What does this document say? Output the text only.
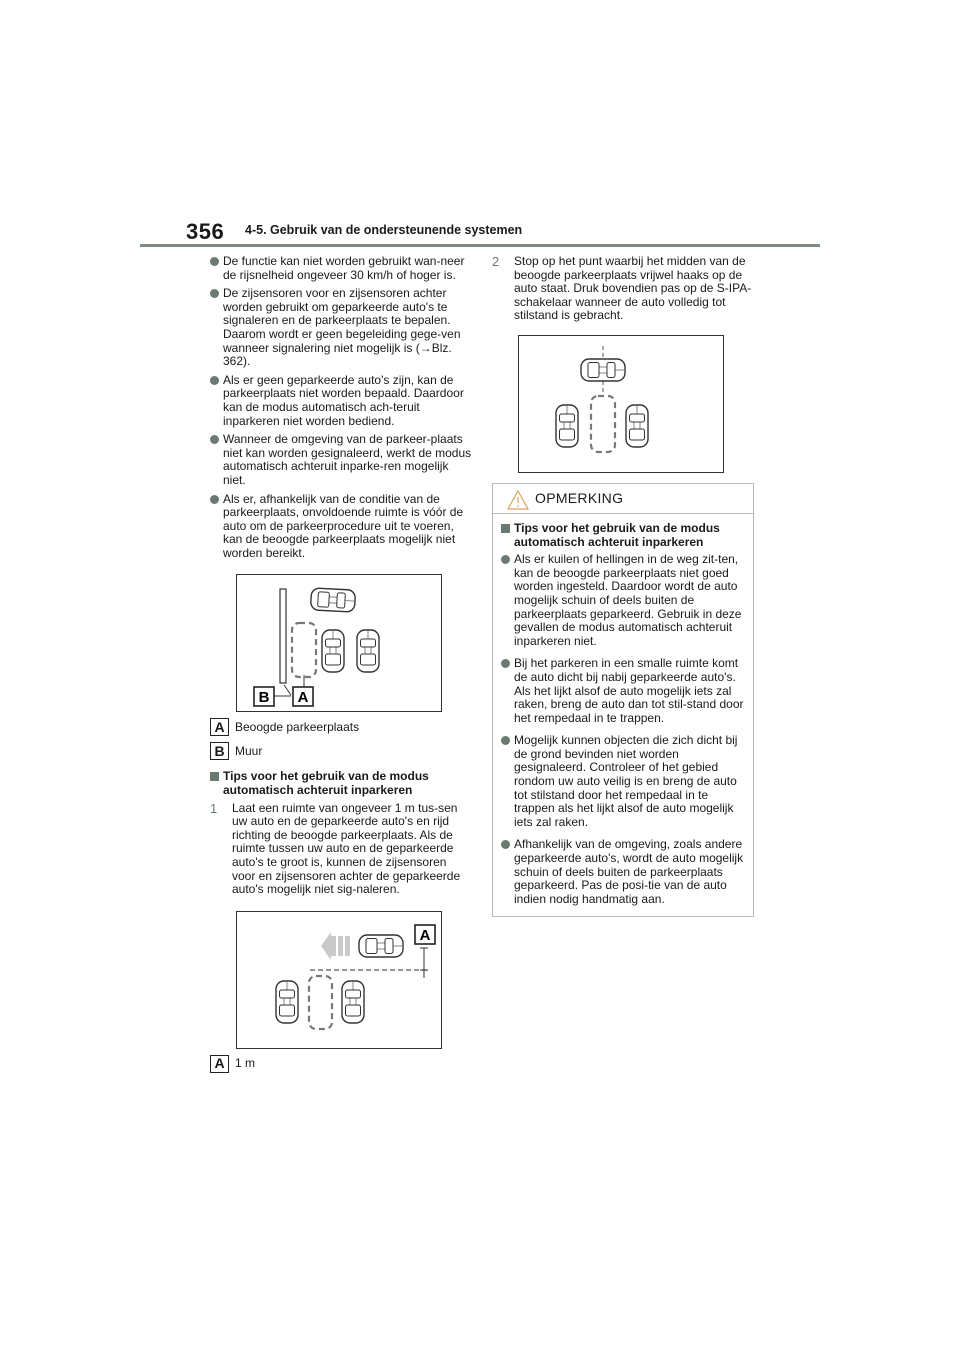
356 4-5. Gebruik van de ondersteunende systemen
De functie kan niet worden gebruikt wan-neer de rijsnelheid ongeveer 30 km/h of hoger is.
De zijsensoren voor en zijsensoren achter worden gebruikt om geparkeerde auto's te signaleren en de parkeerplaats te bepalen. Daarom wordt er geen begeleiding gege-ven wanneer signalering niet mogelijk is (→Blz. 362).
Als er geen geparkeerde auto's zijn, kan de parkeerplaats niet worden bepaald. Daardoor kan de modus automatisch ach-teruit inparkeren niet worden bediend.
Wanneer de omgeving van de parkeer-plaats niet kan worden gesignaleerd, werkt de modus automatisch achteruit inparke-ren mogelijk niet.
Als er, afhankelijk van de conditie van de parkeerplaats, onvoldoende ruimte is vóór de auto om de parkeerprocedure uit te voeren, kan de beoogde parkeerplaats mogelijk niet worden bereikt.
B A
A Beoogde parkeerplaats
B Muur
Tips voor het gebruik van de modus automatisch achteruit inparkeren
1 Laat een ruimte van ongeveer 1 m tus-sen uw auto en de geparkeerde auto's en rijd richting de beoogde parkeerplaats. Als de ruimte tussen uw auto en de geparkeerde auto's te groot is, kunnen de zijsensoren voor en zijsensoren achter de geparkeerde auto's mogelijk niet sig-naleren.
A
A 1 m
2 Stop op het punt waarbij het midden van de beoogde parkeerplaats vrijwel haaks op de auto staat. Druk bovendien pas op de S-IPA-schakelaar wanneer de auto volledig tot stilstand is gebracht.
OPMERKING
Tips voor het gebruik van de modus automatisch achteruit inparkeren
Als er kuilen of hellingen in de weg zit-ten, kan de beoogde parkeerplaats niet goed worden ingesteld. Daardoor wordt de auto mogelijk schuin of deels buiten de parkeerplaats geparkeerd. Gebruik in deze gevallen de modus automatisch achteruit inparkeren niet.
Bij het parkeren in een smalle ruimte komt de auto dicht bij nabij geparkeerde auto's. Als het lijkt alsof de auto mogelijk iets zal raken, breng de auto dan tot stil-stand door het rempedaal in te trappen.
Mogelijk kunnen objecten die zich dicht bij de grond bevinden niet worden gesignaleerd. Controleer of het gebied rondom uw auto veilig is en breng de auto tot stilstand door het rempedaal in te trappen als het lijkt alsof de auto mogelijk iets zal raken.
Afhankelijk van de omgeving, zoals andere geparkeerde auto's, wordt de auto mogelijk schuin of deels buiten de parkeerplaats geparkeerd. Pas de posi-tie van de auto indien nodig handmatig aan.
